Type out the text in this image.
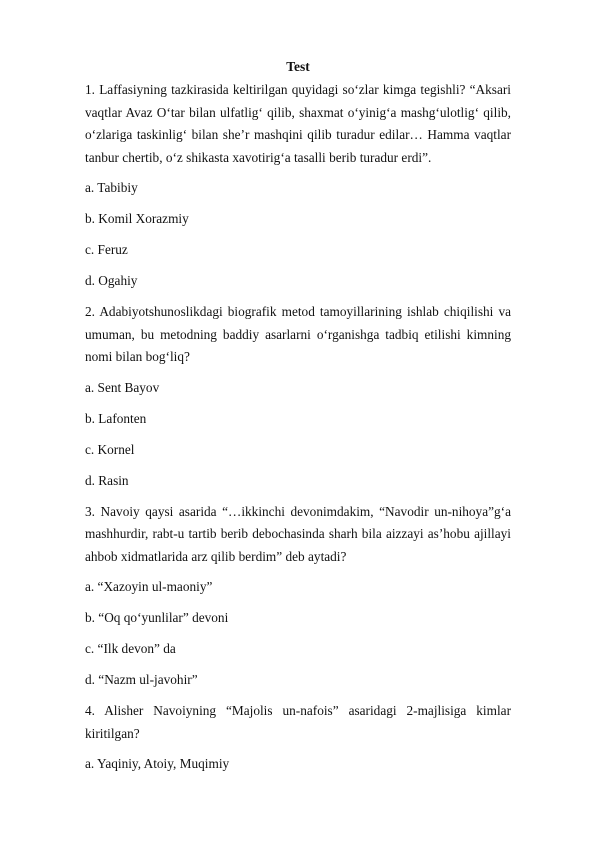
Test

1. Laffasiyning tazkirasida keltirilgan quyidagi so‘zlar kimga tegishli? “Aksari vaqtlar Avaz O‘tar bilan ulfatlig‘ qilib, shaxmat o‘yinig‘a mashg‘ulotlig‘ qilib, o‘zlariga taskinlig‘ bilan she’r mashqini qilib turadur edilar… Hamma vaqtlar tanbur chertib, o‘z shikasta xavotirig‘a tasalli berib turadur erdi”.

a. Tabibiy
b. Komil Xorazmiy
c. Feruz
d. Ogahiy

2. Adabiyotshunoslikdagi biografik metod tamoyillarining ishlab chiqilishi va umuman, bu metodning baddiy asarlarni o‘rganishga tadbiq etilishi kimning nomi bilan bog‘liq?

a. Sent Bayov
b. Lafonten
c. Kornel
d. Rasin

3. Navoiy qaysi asarida “…ikkinchi devonimdakim, “Navodir un-nihoya”g‘a mashhurdir, rabt-u tartib berib debochasinda sharh bila aizzayi as’hobu ajillayi ahbob xidmatlarida arz qilib berdim” deb aytadi?

a. “Xazoyin ul-maoniy”
b. “Oq qo‘yunlilar” devoni
c. “Ilk devon” da
d. “Nazm ul-javohir”

4. Alisher Navoiyning “Majolis un-nafois” asaridagi 2-majlisiga kimlar kiritilgan?

a. Yaqiniy, Atoiy, Muqimiy
